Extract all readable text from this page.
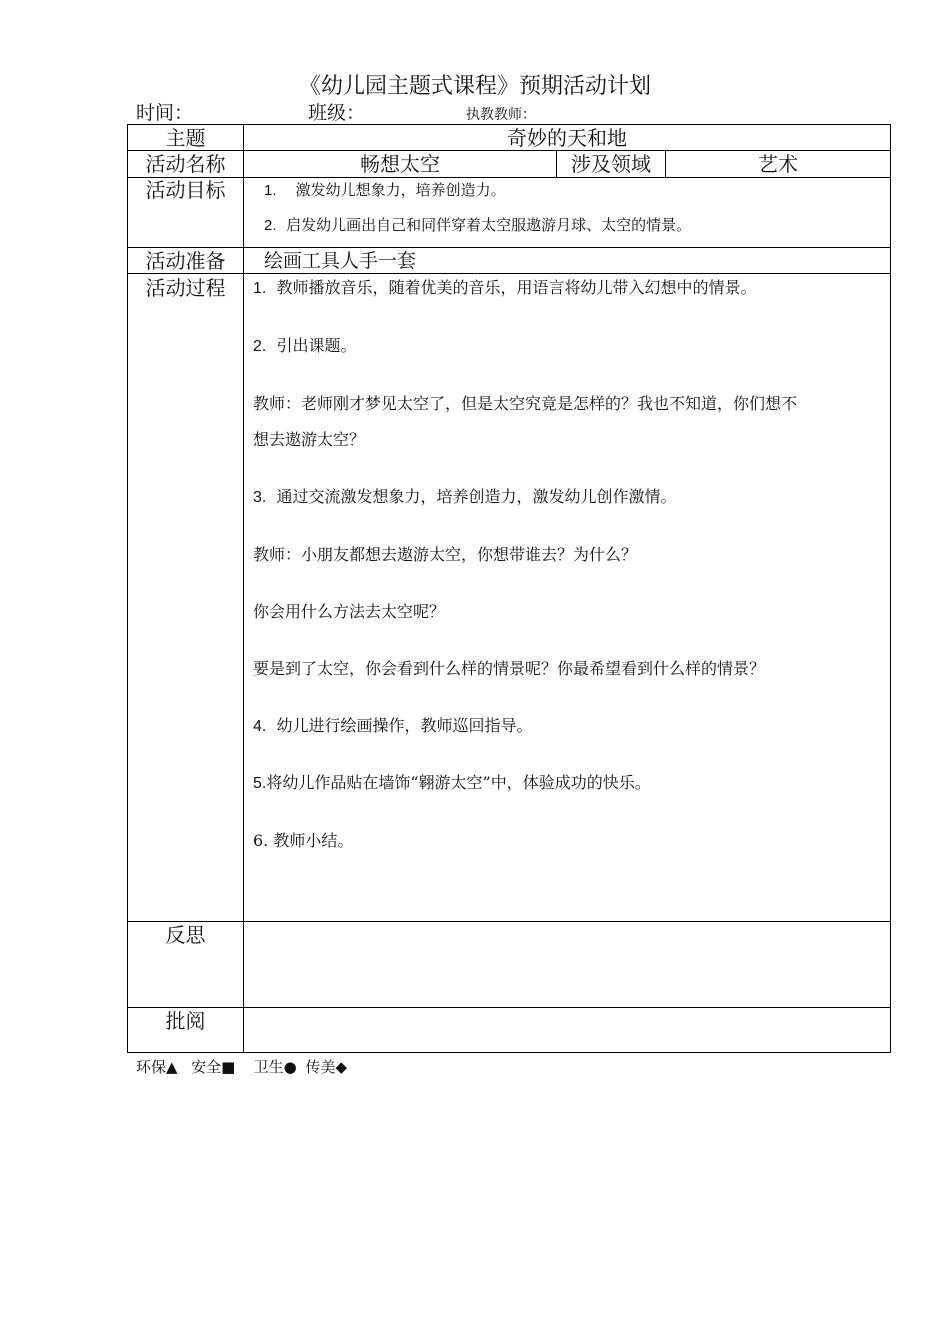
《幼儿园主题式课程》预期活动计划
时间：	班级：	执教教师：
主题	奇妙的天和地
活动名称	畅想太空	涉及领域	艺术
活动目标	1. 激发幼儿想象力，培养创造力。
2. 启发幼儿画出自己和同伴穿着太空服遨游月球、太空的情景。
活动准备	绘画工具人手一套
活动过程	1. 教师播放音乐，随着优美的音乐，用语言将幼儿带入幻想中的情景。
2. 引出课题。
教师：老师刚才梦见太空了，但是太空究竟是怎样的？我也不知道，你们想不
想去遨游太空？
3. 通过交流激发想象力，培养创造力，激发幼儿创作激情。
教师：小朋友都想去遨游太空，你想带谁去？为什么？
你会用什么方法去太空呢？
要是到了太空，你会看到什么样的情景呢？你最希望看到什么样的情景？
4. 幼儿进行绘画操作，教师巡回指导。
5.将幼儿作品贴在墙饰“翱游太空”中，体验成功的快乐。
6. 教师小结。
反思
批阅
环保▲ 安全■ 卫生● 传美◆
